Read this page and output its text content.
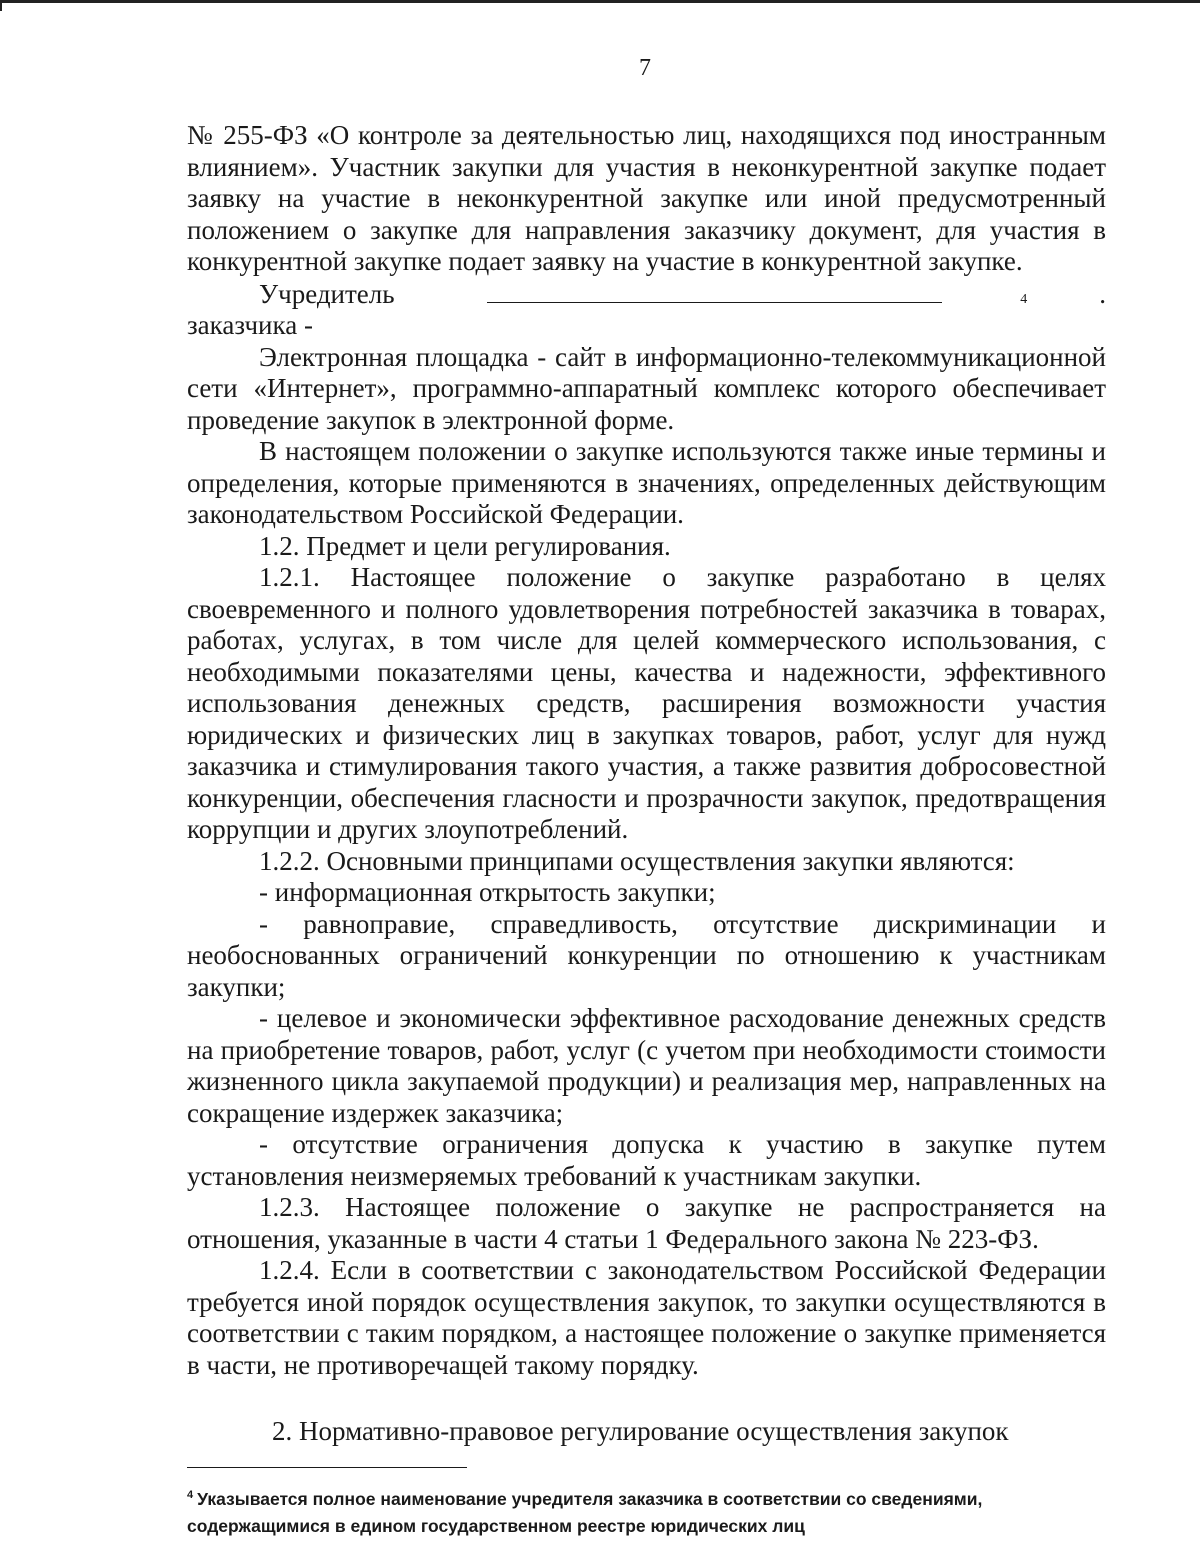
7

№ 255-ФЗ «О контроле за деятельностью лиц, находящихся под иностранным влиянием». Участник закупки для участия в неконкурентной закупке подает заявку на участие в неконкурентной закупке или иной предусмотренный положением о закупке для направления заказчику документ, для участия в конкурентной закупке подает заявку на участие в конкурентной закупке.

Учредитель заказчика -
4	.

Электронная площадка - сайт в информационно-телекоммуникационной сети «Интернет», программно-аппаратный комплекс которого обеспечивает проведение закупок в электронной форме.

В настоящем положении о закупке используются также иные термины и определения, которые применяются в значениях, определенных действующим законодательством Российской Федерации.

1.2. Предмет и цели регулирования.

1.2.1. Настоящее положение о закупке разработано в целях своевременного и полного удовлетворения потребностей заказчика в товарах, работах, услугах, в том числе для целей коммерческого использования, с необходимыми показателями цены, качества и надежности, эффективного использования денежных средств, расширения возможности участия юридических и физических лиц в закупках товаров, работ, услуг для нужд заказчика и стимулирования такого участия, а также развития добросовестной конкуренции, обеспечения гласности и прозрачности закупок, предотвращения коррупции и других злоупотреблений.

1.2.2. Основными принципами осуществления закупки являются:

- информационная открытость закупки;

- равноправие, справедливость, отсутствие дискриминации и необоснованных ограничений конкуренции по отношению к участникам закупки;

- целевое и экономически эффективное расходование денежных средств на приобретение товаров, работ, услуг (с учетом при необходимости стоимости жизненного цикла закупаемой продукции) и реализация мер, направленных на сокращение издержек заказчика;

- отсутствие ограничения допуска к участию в закупке путем установления неизмеряемых требований к участникам закупки.

1.2.3. Настоящее положение о закупке не распространяется на отношения, указанные в части 4 статьи 1 Федерального закона № 223-ФЗ.

1.2.4. Если в соответствии с законодательством Российской Федерации требуется иной порядок осуществления закупок, то закупки осуществляются в соответствии с таким порядком, а настоящее положение о закупке применяется в части, не противоречащей такому порядку.

2. Нормативно-правовое регулирование осуществления закупок
$^4$ Указывается полное наименование учредителя заказчика в соответствии со сведениями, содержащимися в едином государственном реестре юридических лиц
